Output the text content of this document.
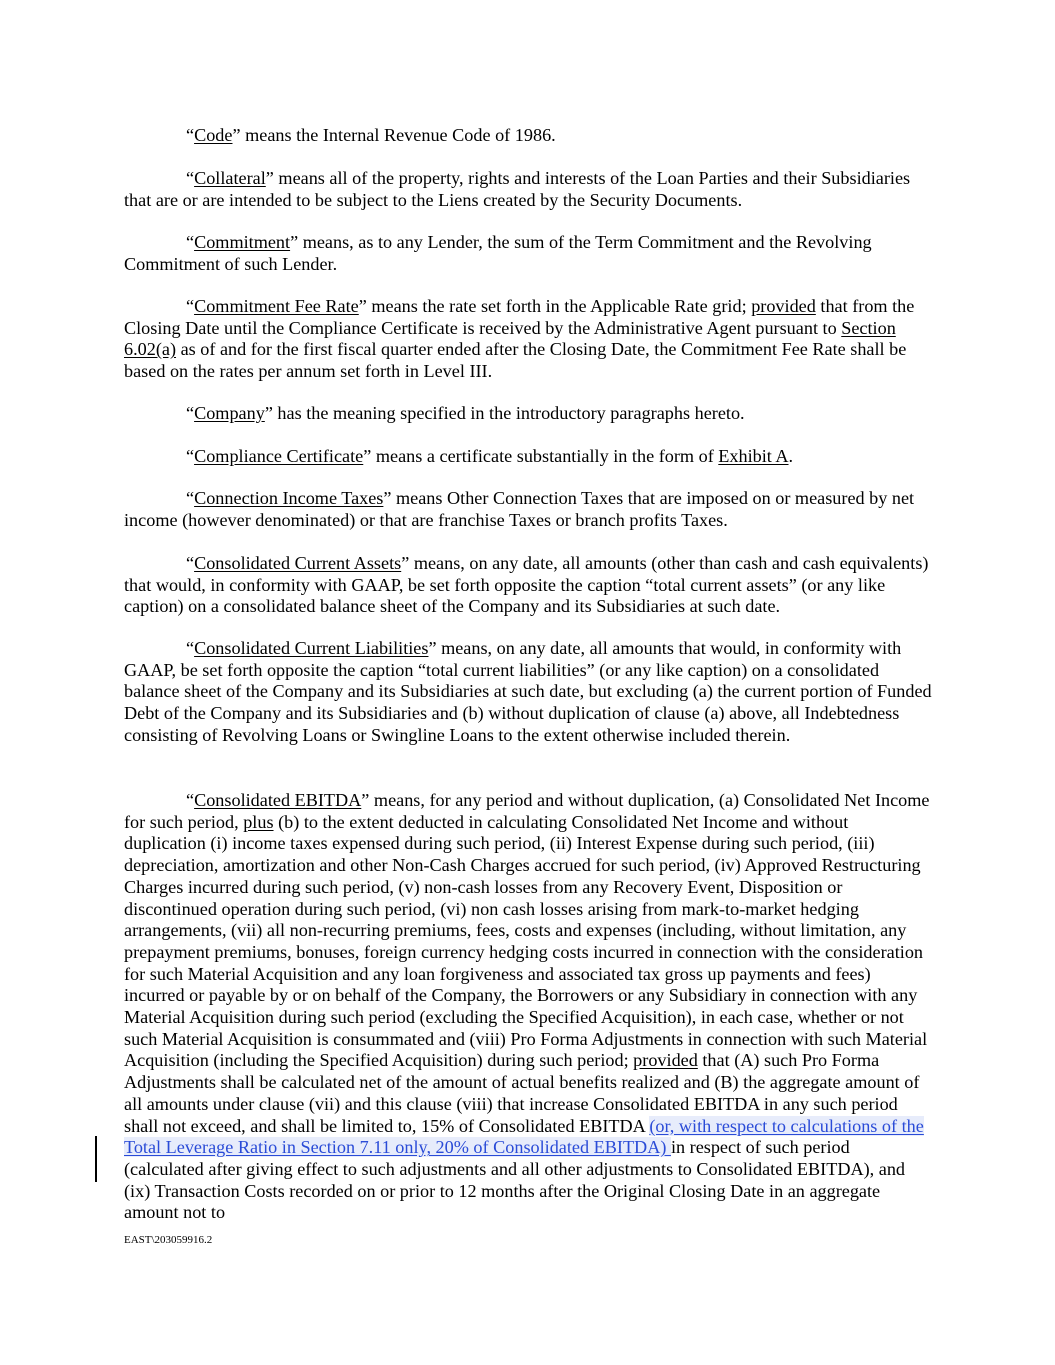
“Code” means the Internal Revenue Code of 1986.

“Collateral” means all of the property, rights and interests of the Loan Parties and their Subsidiaries that are or are intended to be subject to the Liens created by the Security Documents.

“Commitment” means, as to any Lender, the sum of the Term Commitment and the Revolving Commitment of such Lender.

“Commitment Fee Rate” means the rate set forth in the Applicable Rate grid; provided that from the Closing Date until the Compliance Certificate is received by the Administrative Agent pursuant to Section 6.02(a) as of and for the first fiscal quarter ended after the Closing Date, the Commitment Fee Rate shall be based on the rates per annum set forth in Level III.

“Company” has the meaning specified in the introductory paragraphs hereto.

“Compliance Certificate” means a certificate substantially in the form of Exhibit A.

“Connection Income Taxes” means Other Connection Taxes that are imposed on or measured by net income (however denominated) or that are franchise Taxes or branch profits Taxes.

“Consolidated Current Assets” means, on any date, all amounts (other than cash and cash equivalents) that would, in conformity with GAAP, be set forth opposite the caption “total current assets” (or any like caption) on a consolidated balance sheet of the Company and its Subsidiaries at such date.

“Consolidated Current Liabilities” means, on any date, all amounts that would, in conformity with GAAP, be set forth opposite the caption “total current liabilities” (or any like caption) on a consolidated balance sheet of the Company and its Subsidiaries at such date, but excluding (a) the current portion of Funded Debt of the Company and its Subsidiaries and (b) without duplication of clause (a) above, all Indebtedness consisting of Revolving Loans or Swingline Loans to the extent otherwise included therein.

“Consolidated EBITDA” means, for any period and without duplication, (a) Consolidated Net Income for such period, plus (b) to the extent deducted in calculating Consolidated Net Income and without duplication (i) income taxes expensed during such period, (ii) Interest Expense during such period, (iii) depreciation, amortization and other Non-Cash Charges accrued for such period, (iv) Approved Restructuring Charges incurred during such period, (v) non-cash losses from any Recovery Event, Disposition or discontinued operation during such period, (vi) non cash losses arising from mark-to-market hedging arrangements, (vii) all non-recurring premiums, fees, costs and expenses (including, without limitation, any prepayment premiums, bonuses, foreign currency hedging costs incurred in connection with the consideration for such Material Acquisition and any loan forgiveness and associated tax gross up payments and fees) incurred or payable by or on behalf of the Company, the Borrowers or any Subsidiary in connection with any Material Acquisition during such period (excluding the Specified Acquisition), in each case, whether or not such Material Acquisition is consummated and (viii) Pro Forma Adjustments in connection with such Material Acquisition (including the Specified Acquisition) during such period; provided that (A) such Pro Forma Adjustments shall be calculated net of the amount of actual benefits realized and (B) the aggregate amount of all amounts under clause (vii) and this clause (viii) that increase Consolidated EBITDA in any such period shall not exceed, and shall be limited to, 15% of Consolidated EBITDA (or, with respect to calculations of the Total Leverage Ratio in Section 7.11 only, 20% of Consolidated EBITDA) in respect of such period (calculated after giving effect to such adjustments and all other adjustments to Consolidated EBITDA), and (ix) Transaction Costs recorded on or prior to 12 months after the Original Closing Date in an aggregate amount not to

EAST\203059916.2
